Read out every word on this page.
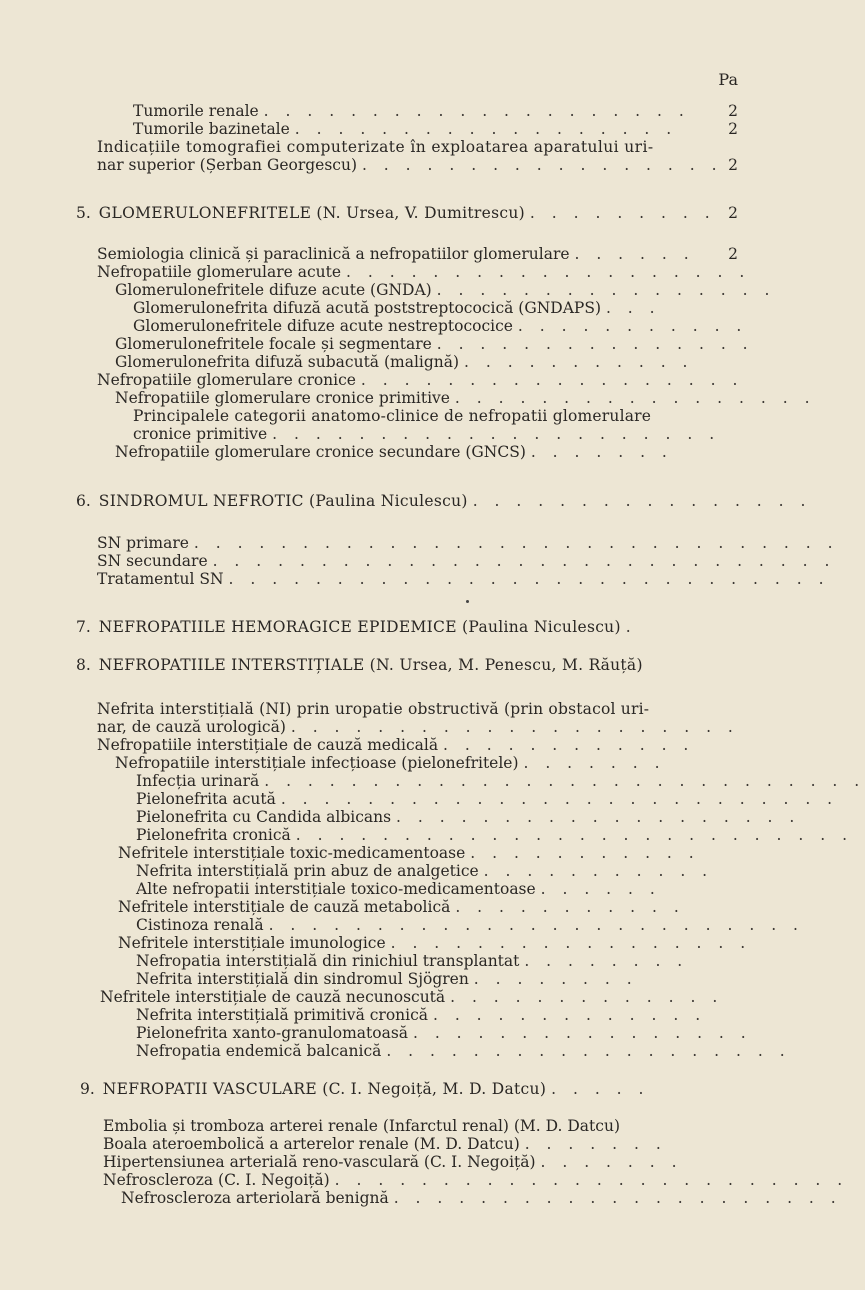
Pa
Tumorile renale . . . . . . . . . . . . . . . . . . . . 2
Tumorile bazinetale . . . . . . . . . . . . . . . . . .	2
Indicațiile tomografiei computerizate în exploatarea aparatului uri-
nar superior (Șerban Georgescu) . . . . . . . . . . . . . . . . . 2
5. GLOMERULONEFRITELE (N. Ursea, V. Dumitrescu) . . . . . . . . . 2
Semiologia clinică și paraclinică a nefropatiilor glomerulare . . . . . . 2
Nefropatiile glomerulare acute . . . . . . . . . . . . . . . . . . .
Glomerulonefritele difuze acute (GNDA) . . . . . . . . . . . . . . . .
Glomerulonefrita difuză acută poststreptococică (GNDAPS) . . .
Glomerulonefritele difuze acute nestreptococice . . . . . . . . . . .
Glomerulonefritele focale și segmentare . . . . . . . . . . . . . . .
Glomerulonefrita difuză subacută (malignă) . . . . . . . . . . .
Nefropatiile glomerulare cronice . . . . . . . . . . . . . . . . . .
Nefropatiile glomerulare cronice primitive . . . . . . . . . . . . . . . . .
Principalele categorii anatomo-clinice de nefropatii glomerulare
cronice primitive . . . . . . . . . . . . . . . . . . . . .
Nefropatiile glomerulare cronice secundare (GNCS) . . . . . . .
6. SINDROMUL NEFROTIC (Paulina Niculescu) . . . . . . . . . . . . . . . .
SN primare . . . . . . . . . . . . . . . . . . . . . . . . . . . . . .
SN secundare . . . . . . . . . . . . . . . . . . . . . . . . . . . . .
Tratamentul SN . . . . . . . . . . . . . . . . . . . . . . . . . . . .
7. NEFROPATIILE HEMORAGICE EPIDEMICE (Paulina Niculescu) .
8. NEFROPATIILE INTERSTIȚIALE (N. Ursea, M. Penescu, M. Răuță)
Nefrita interstițială (NI) prin uropatie obstructivă (prin obstacol uri-
nar, de cauză urologică) . . . . . . . . . . . . . . . . . . . . .
Nefropatiile interstițiale de cauză medicală . . . . . . . . . . . .
Nefropatiile interstițiale infecțioase (pielonefritele) . . . . . . .
Infecția urinară . . . . . . . . . . . . . . . . . . . . . . . . . . . .
Pielonefrita acută . . . . . . . . . . . . . . . . . . . . . . . . . .
Pielonefrita cu Candida albicans . . . . . . . . . . . . . . . . . . .
Pielonefrita cronică . . . . . . . . . . . . . . . . . . . . . . . . . .
Nefritele interstițiale toxic-medicamentoase . . . . . . . . . . .
Nefrita interstițială prin abuz de analgetice . . . . . . . . . . .
Alte nefropatii interstițiale toxico-medicamentoase . . . . . .
Nefritele interstițiale de cauză metabolică . . . . . . . . . . .
Cistinoza renală . . . . . . . . . . . . . . . . . . . . . . . . .
Nefritele interstițiale imunologice . . . . . . . . . . . . . . . . .
Nefropatia interstițială din rinichiul transplantat . . . . . . . .
Nefrita interstițială din sindromul Sjögren . . . . . . . .
Nefritele interstițiale de cauză necunoscută . . . . . . . . . . . . .
Nefrita interstițială primitivă cronică . . . . . . . . . . . . .
Pielonefrita xanto-granulomatoasă . . . . . . . . . . . . . . . .
Nefropatia endemică balcanică . . . . . . . . . . . . . . . . . . .
9. NEFROPATII VASCULARE (C. I. Negoiță, M. D. Datcu) . . . . .
Embolia și tromboza arterei renale (Infarctul renal) (M. D. Datcu)
Boala ateroembolică a arterelor renale (M. D. Datcu) . . . . . . .
Hipertensiunea arterială reno-vasculară (C. I. Negoiță) . . . . . . .
Nefroscleroza (C. I. Negoiță) . . . . . . . . . . . . . . . . . . . . . . . .
Nefroscleroza arteriolară benignă . . . . . . . . . . . . . . . . . . . . .
